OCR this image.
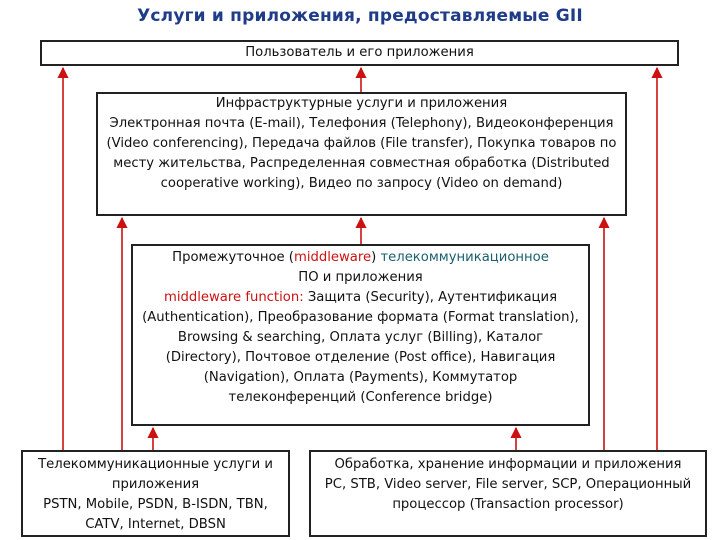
Услуги и приложения, предоставляемые GII
Пользователь и его приложения
Инфраструктурные услуги и приложения
Электронная почта (E-mail), Телефония (Telephony), Видеоконференция (Video conferencing), Передача файлов (File transfer), Покупка товаров по месту жительства, Распределенная совместная обработка (Distributed cooperative working), Видео по запросу (Video on demand)
Промежуточное (middleware) телекоммуникационное
ПО и приложения
middleware function: Защита (Security), Аутентификация (Authentication), Преобразование формата (Format translation), Browsing & searching, Оплата услуг (Billing), Каталог (Directory), Почтовое отделение (Post office), Навигация (Navigation), Оплата (Payments), Коммутатор телеконференций (Conference bridge)
Телекоммуникационные услуги и приложения
PSTN, Mobile, PSDN, B-ISDN, TBN, CATV, Internet, DBSN
Обработка, хранение информации и приложения
PC, STB, Video server, File server, SCP, Операционный процессор (Transaction processor)
